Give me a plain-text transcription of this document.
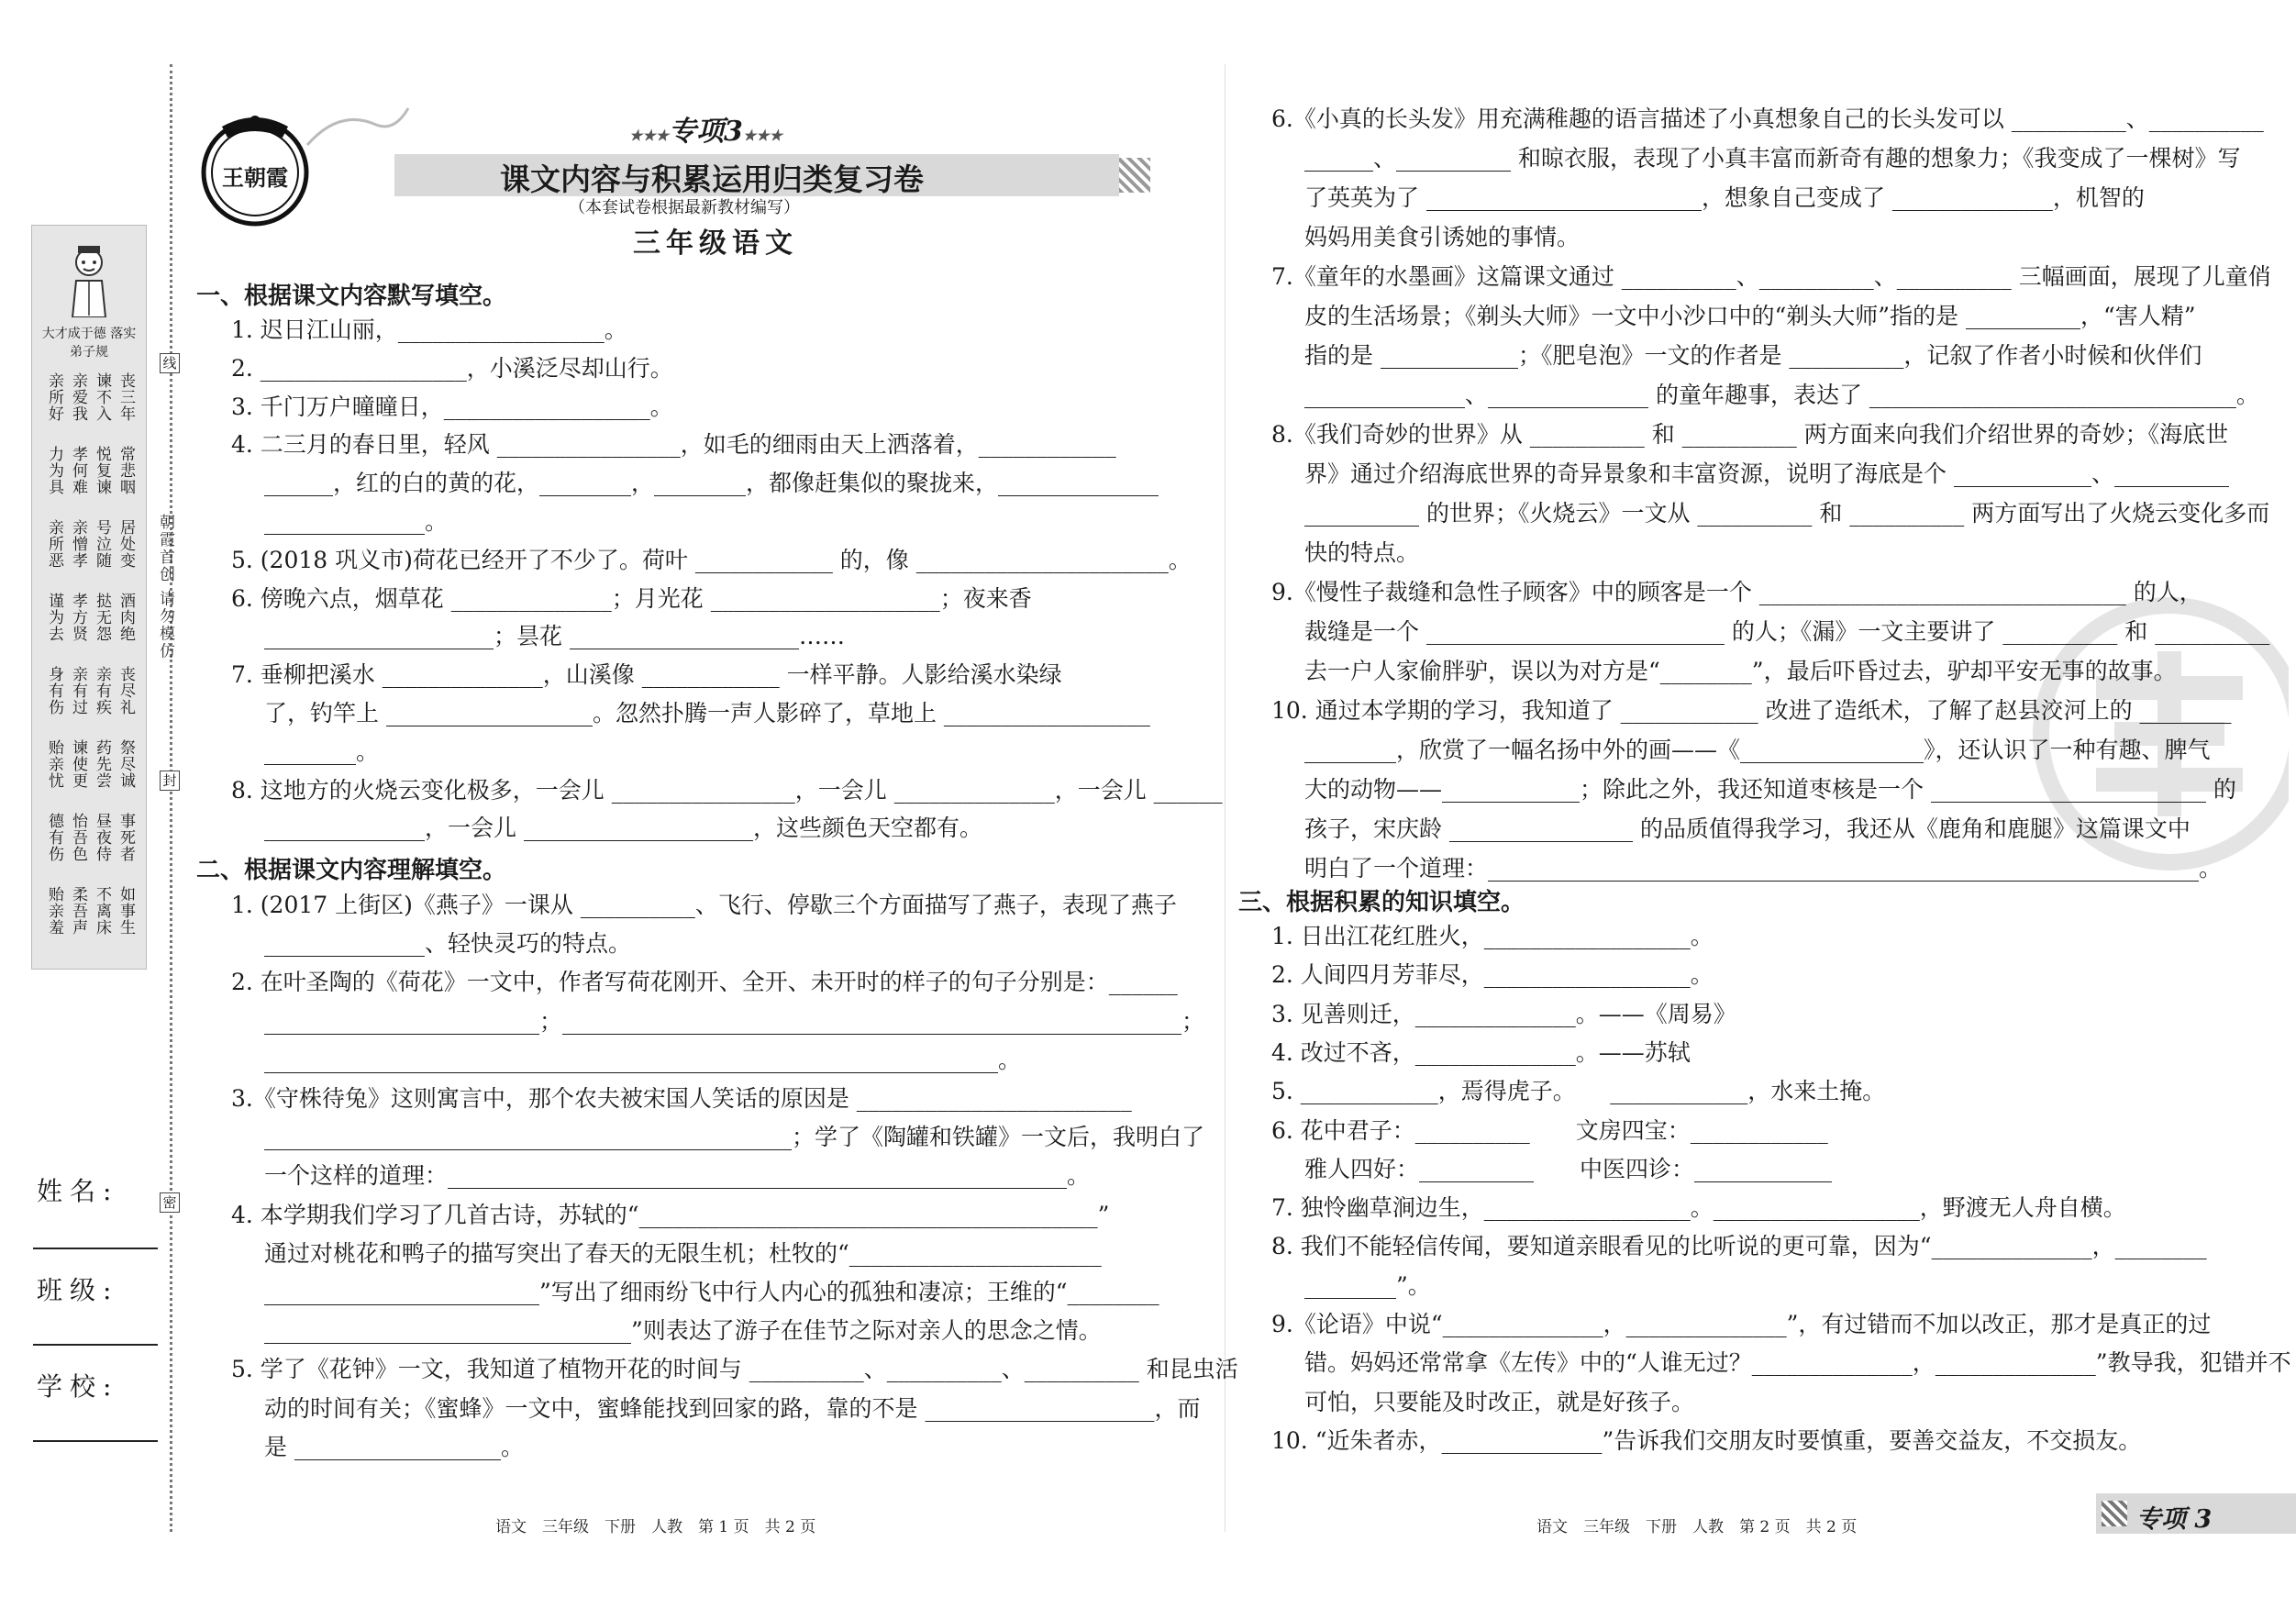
线
封
密
朝霞首创 请勿模仿
大才成于德 落实弟子规
丧三年
谏不入
亲爱我
亲所好
常悲咽
悦复谏
孝何难
力为具
居处变
号泣随
亲憎孝
亲所恶
酒肉绝
挞无怨
孝方贤
谨为去
丧尽礼
亲有疾
亲有过
身有伤
祭尽诚
药先尝
谏使更
贻亲忧
事死者
昼夜侍
怡吾色
德有伤
如事生
不离床
柔吾声
贻亲羞
姓名:
班级:
学校:
王朝霞
★★★专项3★★★
课文内容与积累运用归类复习卷
（本套试卷根据最新教材编写）
三年级语文
一、根据课文内容默写填空。
1. 迟日江山丽，__________________。
2. __________________，小溪泛尽却山行。
3. 千门万户曈曈日，__________________。
4. 二三月的春日里，轻风 ________________，如毛的细雨由天上洒落着，____________
______，红的白的黄的花，________，________，都像赶集似的聚拢来，______________
______________。
5. (2018 巩义市)荷花已经开了不少了。荷叶 ____________ 的，像 ______________________。
6. 傍晚六点，烟草花 ______________；月光花 ____________________；夜来香
____________________；昙花 ____________________……
7. 垂柳把溪水 ______________，山溪像 ____________ 一样平静。人影给溪水染绿
了，钓竿上 __________________。忽然扑腾一声人影碎了，草地上 __________________
________。
8. 这地方的火烧云变化极多，一会儿 ________________，一会儿 ______________，一会儿 ______
______________，一会儿 ____________________，这些颜色天空都有。
二、根据课文内容理解填空。
1. (2017 上街区)《燕子》一课从 __________、飞行、停歇三个方面描写了燕子，表现了燕子
______________、轻快灵巧的特点。
2. 在叶圣陶的《荷花》一文中，作者写荷花刚开、全开、未开时的样子的句子分别是：______
________________________；______________________________________________________；
________________________________________________________________。
3.《守株待兔》这则寓言中，那个农夫被宋国人笑话的原因是 ________________________
______________________________________________；学了《陶罐和铁罐》一文后，我明白了
一个这样的道理：______________________________________________________。
4. 本学期我们学习了几首古诗，苏轼的“________________________________________”
通过对桃花和鸭子的描写突出了春天的无限生机；杜牧的“______________________
________________________”写出了细雨纷飞中行人内心的孤独和凄凉；王维的“________
________________________________”则表达了游子在佳节之际对亲人的思念之情。
5. 学了《花钟》一文，我知道了植物开花的时间与 __________、__________、__________ 和昆虫活
动的时间有关；《蜜蜂》一文中，蜜蜂能找到回家的路，靠的不是 ____________________，而
是 __________________。
6.《小真的长头发》用充满稚趣的语言描述了小真想象自己的长头发可以 __________、__________
______、__________ 和晾衣服，表现了小真丰富而新奇有趣的想象力；《我变成了一棵树》写
了英英为了 ________________________，想象自己变成了 ______________，机智的
妈妈用美食引诱她的事情。
7.《童年的水墨画》这篇课文通过 __________、__________、__________ 三幅画面，展现了儿童俏
皮的生活场景；《剃头大师》一文中小沙口中的“剃头大师”指的是 __________，“害人精”
指的是 ____________；《肥皂泡》一文的作者是 __________，记叙了作者小时候和伙伴们
______________、______________ 的童年趣事，表达了 ________________________________。
8.《我们奇妙的世界》从 __________ 和 __________ 两方面来向我们介绍世界的奇妙；《海底世
界》通过介绍海底世界的奇异景象和丰富资源，说明了海底是个 ____________、__________
__________ 的世界；《火烧云》一文从 __________ 和 __________ 两方面写出了火烧云变化多而
快的特点。
9.《慢性子裁缝和急性子顾客》中的顾客是一个 ________________________________ 的人，
裁缝是一个 __________________________ 的人；《漏》一文主要讲了 __________ 和 __________
去一户人家偷胖驴，误以为对方是“________”，最后吓昏过去，驴却平安无事的故事。
10. 通过本学期的学习，我知道了 ____________ 改进了造纸术，了解了赵县洨河上的 ________
________，欣赏了一幅名扬中外的画——《________________》，还认识了一种有趣、脾气
大的动物——____________；除此之外，我还知道枣核是一个 ________________________ 的
孩子，宋庆龄 ________________ 的品质值得我学习，我还从《鹿角和鹿腿》这篇课文中
明白了一个道理：______________________________________________________________。
三、根据积累的知识填空。
1. 日出江花红胜火，__________________。
2. 人间四月芳菲尽，__________________。
3. 见善则迁，______________。——《周易》
4. 改过不吝，______________。——苏轼
5. ____________，焉得虎子。　　____________，水来土掩。
6. 花中君子：__________　　文房四宝：____________
雅人四好：__________　　中医四诊：____________
7. 独怜幽草涧边生，__________________。__________________，野渡无人舟自横。
8. 我们不能轻信传闻，要知道亲眼看见的比听说的更可靠，因为“______________，________
________”。
9.《论语》中说“______________，______________”，有过错而不加以改正，那才是真正的过
错。妈妈还常常拿《左传》中的“人谁无过？______________，______________”教导我，犯错并不
可怕，只要能及时改正，就是好孩子。
10. “近朱者赤，______________”告诉我们交朋友时要慎重，要善交益友，不交损友。
语文　三年级　下册　人教　第 1 页　共 2 页	语文　三年级　下册　人教　第 2 页　共 2 页	专项 3
